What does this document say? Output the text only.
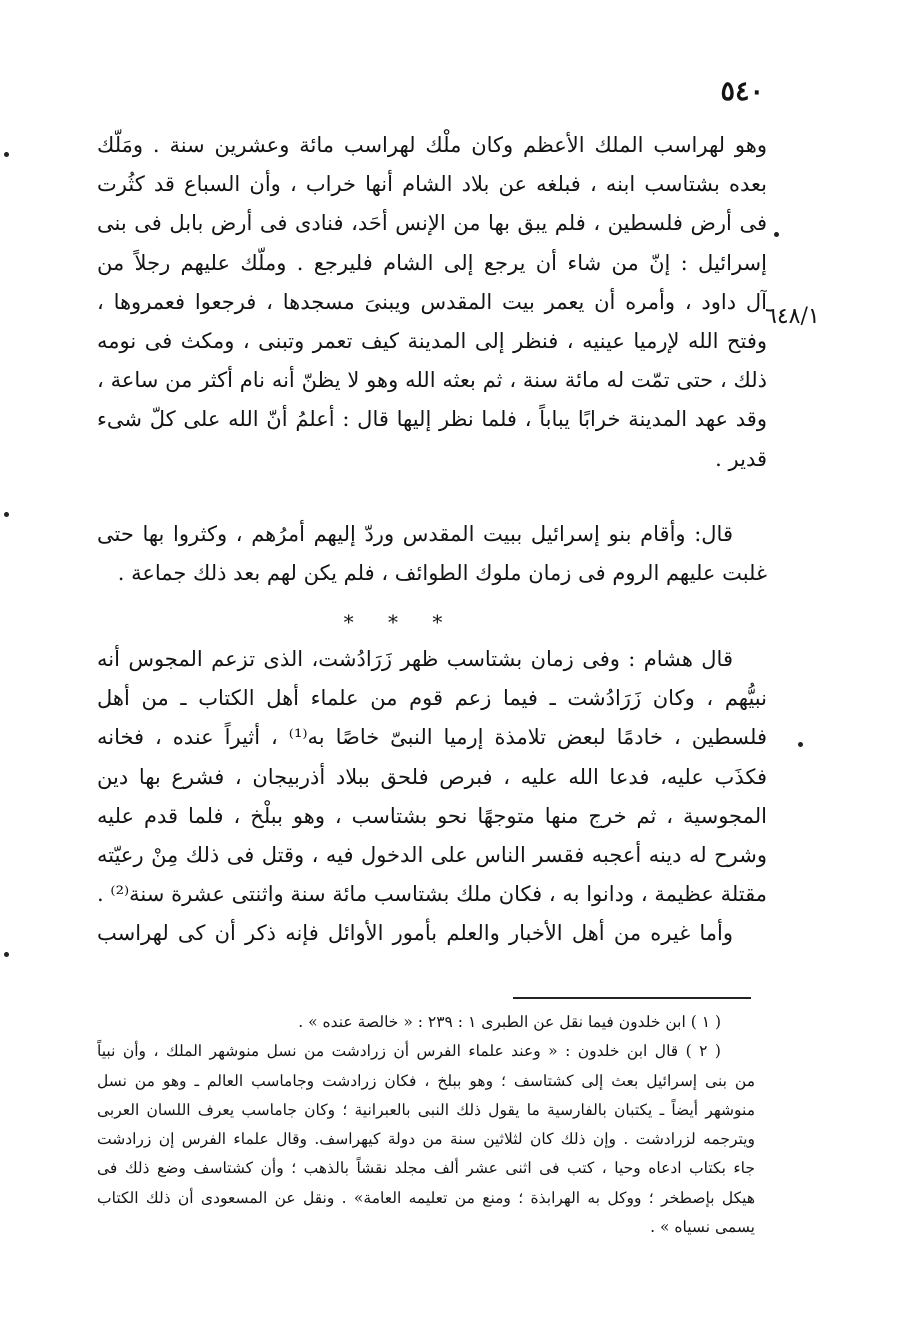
٥٤٠
٦٤٨/١
وهو لهراسب الملك الأعظم وكان ملْك لهراسب مائة وعشرين سنة . ومَلّك
بعده بشتاسب ابنه ، فبلغه عن بلاد الشام أنها خراب ، وأن السباع قد كثُرت
فى أرض فلسطين ، فلم يبق بها من الإنس أحَد، فنادى فى أرض بابل فى بنى
إسرائيل : إنّ من شاء أن يرجع إلى الشام فليرجع . وملّك عليهم رجلاً من
آل داود ، وأمره أن يعمر بيت المقدس ويبنىَ مسجدها ، فرجعوا فعمروها ،
وفتح الله لإرميا عينيه ، فنظر إلى المدينة كيف تعمر وتبنى ، ومكث فى نومه
ذلك ، حتى تمّت له مائة سنة ، ثم بعثه الله وهو لا يظنّ أنه نام أكثر من ساعة ،
وقد عهد المدينة خرابًا يباباً ، فلما نظر إليها قال : أعلمُ أنّ الله على كلّ شىء
قدير .
قال: وأقام بنو إسرائيل ببيت المقدس وردّ إليهم أمرُهم ، وكثروا بها حتى
غلبت عليهم الروم فى زمان ملوك الطوائف ، فلم يكن لهم بعد ذلك جماعة .
* * *
قال هشام : وفى زمان بشتاسب ظهر زَرَادُشت، الذى تزعم المجوس أنه
نبيُّهم ، وكان زَرَادُشت ـ فيما زعم قوم من علماء أهل الكتاب ـ من أهل
فلسطين ، خادمًا لبعض تلامذة إرميا النبىّ خاصًا به⁽¹⁾ ، أثيراً عنده ، فخانه
فكذَب عليه، فدعا الله عليه ، فبرص فلحق ببلاد أذربيجان ، فشرع بها دين
المجوسية ، ثم خرج منها متوجهًا نحو بشتاسب ، وهو ببلْخ ، فلما قدم عليه
وشرح له دينه أعجبه فقسر الناس على الدخول فيه ، وقتل فى ذلك مِنْ رعيّته
مقتلة عظيمة ، ودانوا به ، فكان ملك بشتاسب مائة سنة واثنتى عشرة سنة⁽²⁾ .
وأما غيره من أهل الأخبار والعلم بأمور الأوائل فإنه ذكر أن كى لهراسب
( ١ ) ابن خلدون فيما نقل عن الطبرى ١ : ٢٣٩ : « خالصة عنده » .
( ٢ ) قال ابن خلدون : « وعند علماء الفرس أن زرادشت من نسل منوشهر الملك ، وأن نبياً
من بنى إسرائيل بعث إلى كشتاسف ؛ وهو ببلخ ، فكان زرادشت وجاماسب العالم ـ وهو من نسل
منوشهر أيضاً ـ يكتبان بالفارسية ما يقول ذلك النبى بالعبرانية ؛ وكان جاماسب يعرف اللسان العربى
ويترجمه لزرادشت . وإن ذلك كان لثلاثين سنة من دولة كيهراسف. وقال علماء الفرس إن زرادشت
جاء بكتاب ادعاه وحيا ، كتب فى اثنى عشر ألف مجلد نقشاً بالذهب ؛ وأن كشتاسف وضع ذلك فى
هيكل بإصطخر ؛ ووكل به الهرابذة ؛ ومنع من تعليمه العامة» . ونقل عن المسعودى أن ذلك الكتاب
يسمى نسياه » .
